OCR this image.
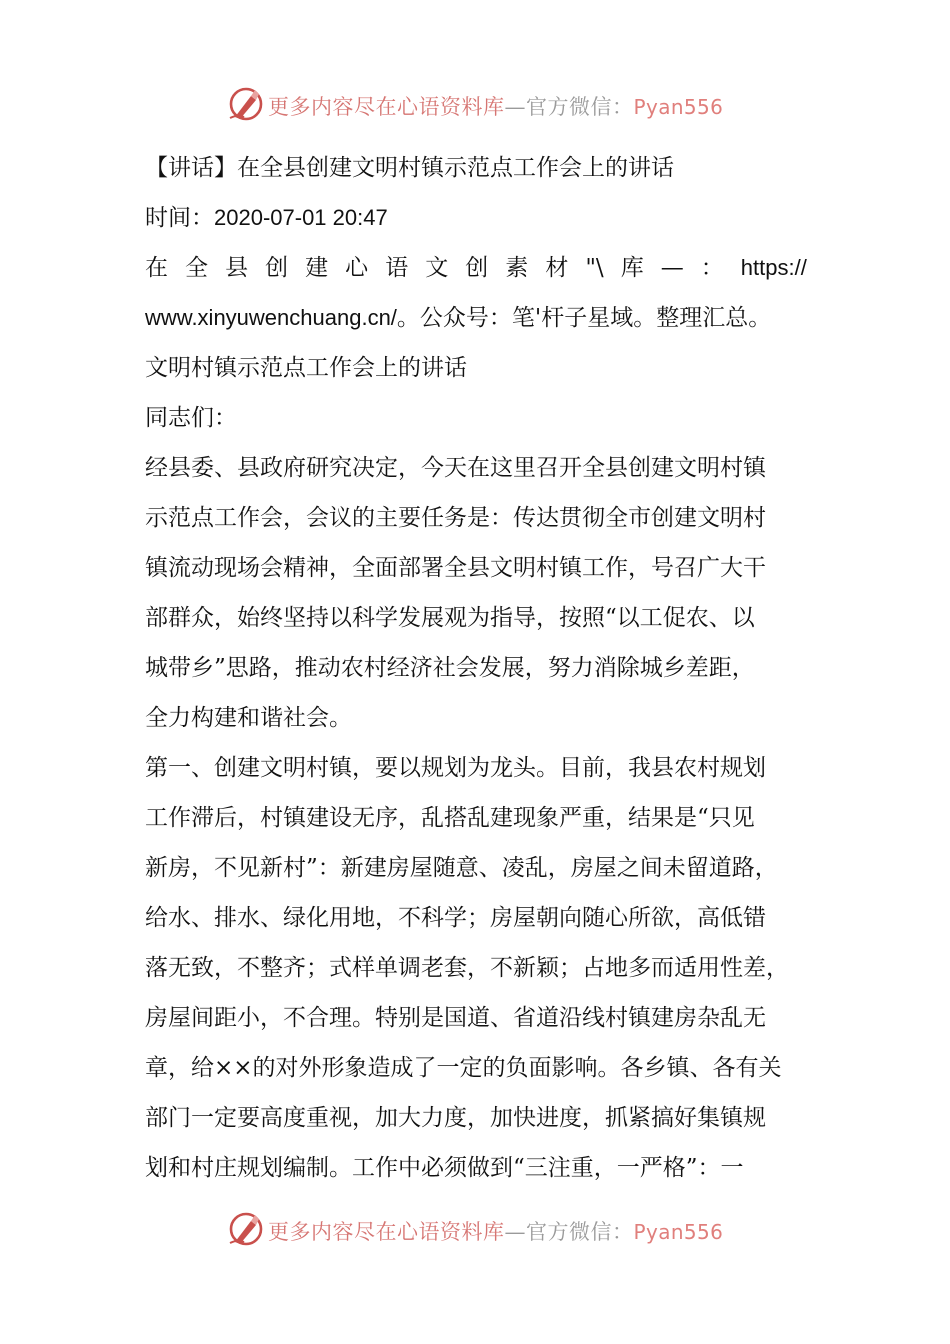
更多内容尽在心语资料库—官方微信：Pyan556
【讲话】在全县创建文明村镇示范点工作会上的讲话
时间：2020-07-01 20:47
在 全 县 创 建 心 语 文 创 素 材 "\ 库 — ： https://
www.xinyuwenchuang.cn/。公众号：笔'杆子星域。整理汇总。
文明村镇示范点工作会上的讲话
同志们：
经县委、县政府研究决定，今天在这里召开全县创建文明村镇
示范点工作会，会议的主要任务是：传达贯彻全市创建文明村
镇流动现场会精神，全面部署全县文明村镇工作，号召广大干
部群众，始终坚持以科学发展观为指导，按照“以工促农、以
城带乡”思路，推动农村经济社会发展，努力消除城乡差距，
全力构建和谐社会。
第一、创建文明村镇，要以规划为龙头。目前，我县农村规划
工作滞后，村镇建设无序，乱搭乱建现象严重，结果是“只见
新房，不见新村”：新建房屋随意、凌乱，房屋之间未留道路，
给水、排水、绿化用地，不科学；房屋朝向随心所欲，高低错
落无致，不整齐；式样单调老套，不新颖；占地多而适用性差，
房屋间距小，不合理。特别是国道、省道沿线村镇建房杂乱无
章，给××的对外形象造成了一定的负面影响。各乡镇、各有关
部门一定要高度重视，加大力度，加快进度，抓紧搞好集镇规
划和村庄规划编制。工作中必须做到“三注重，一严格”：一
更多内容尽在心语资料库—官方微信：Pyan556
